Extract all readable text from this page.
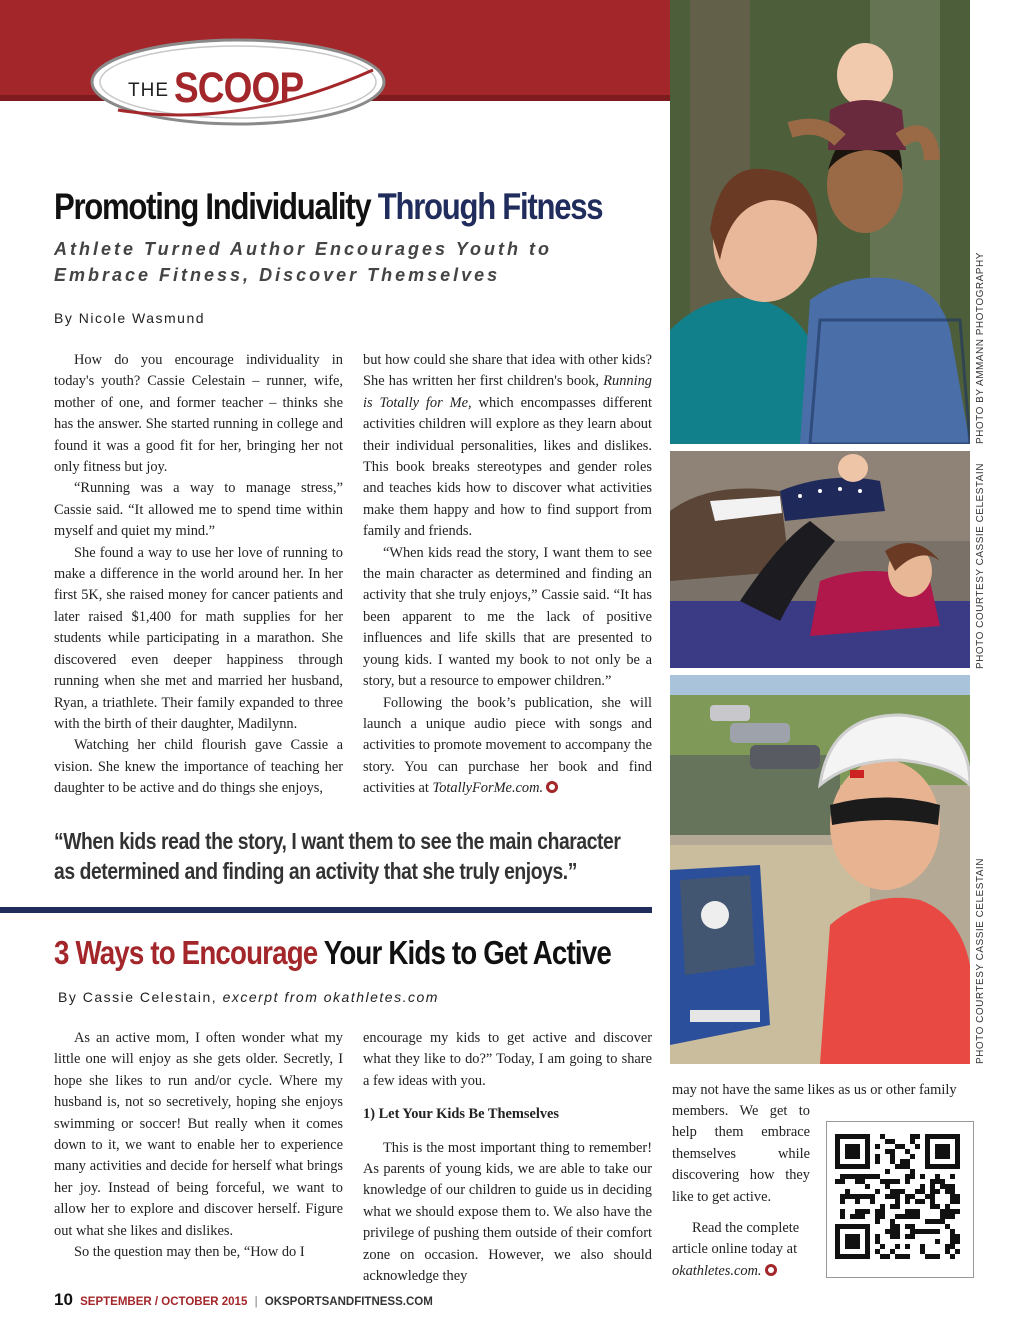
THE SCOOP
Promoting Individuality Through Fitness
Athlete Turned Author Encourages Youth to Embrace Fitness, Discover Themselves
By Nicole Wasmund

How do you encourage individuality in today's youth? Cassie Celestain – runner, wife, mother of one, and former teacher – thinks she has the answer. She started running in college and found it was a good fit for her, bringing her not only fitness but joy.

“Running was a way to manage stress,” Cassie said. “It allowed me to spend time within myself and quiet my mind.”

She found a way to use her love of running to make a difference in the world around her. In her first 5K, she raised money for cancer patients and later raised $1,400 for math supplies for her students while participating in a marathon. She discovered even deeper happiness through running when she met and married her husband, Ryan, a triathlete. Their family expanded to three with the birth of their daughter, Madilynn.

Watching her child flourish gave Cassie a vision. She knew the importance of teaching her daughter to be active and do things she enjoys,

but how could she share that idea with other kids? She has written her first children's book, Running is Totally for Me, which encompasses different activities children will explore as they learn about their individual personalities, likes and dislikes. This book breaks stereotypes and gender roles and teaches kids how to discover what activities make them happy and how to find support from family and friends.

“When kids read the story, I want them to see the main character as determined and finding an activity that she truly enjoys,” Cassie said. “It has been apparent to me the lack of positive influences and life skills that are presented to young kids. I wanted my book to not only be a story, but a resource to empower children.”

Following the book’s publication, she will launch a unique audio piece with songs and activities to promote movement to accompany the story. You can purchase her book and find activities at TotallyForMe.com.

“When kids read the story, I want them to see the main character
as determined and finding an activity that she truly enjoys.”
3 Ways to Encourage Your Kids to Get Active
By Cassie Celestain, excerpt from okathletes.com

As an active mom, I often wonder what my little one will enjoy as she gets older. Secretly, I hope she likes to run and/or cycle. Where my husband is, not so secretively, hoping she enjoys swimming or soccer! But really when it comes down to it, we want to enable her to experience many activities and decide for herself what brings her joy. Instead of being forceful, we want to allow her to explore and discover herself. Figure out what she likes and dislikes.

So the question may then be, “How do I

encourage my kids to get active and discover what they like to do?” Today, I am going to share a few ideas with you.

1) Let Your Kids Be Themselves

This is the most important thing to remember! As parents of young kids, we are able to take our knowledge of our children to guide us in deciding what we should expose them to. We also have the privilege of pushing them outside of their comfort zone on occasion. However, we also should acknowledge they

may not have the same likes as us or other family

members. We get to help them embrace themselves while discovering how they like to get active.

Read the complete article online today at

okathletes.com.

PHOTO BY AMMANN PHOTOGRAPHY
PHOTO COURTESY CASSIE CELESTAIN
PHOTO COURTESY CASSIE CELESTAIN
10 SEPTEMBER / OCTOBER 2015 | OKSPORTSANDFITNESS.COM
